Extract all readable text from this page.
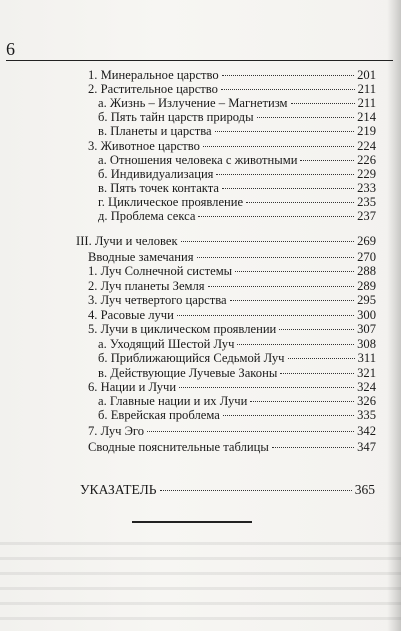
6
1. Минеральное царство	201
2. Растительное царство	211
а. Жизнь – Излучение – Магнетизм	211
б. Пять тайн царств природы	214
в. Планеты и царства	219
3. Животное царство	224
а. Отношения человека с животными	226
б. Индивидуализация	229
в. Пять точек контакта	233
г. Циклическое проявление	235
д. Проблема секса	237
III. Лучи и человек	269
Вводные замечания	270
1. Луч Солнечной системы	288
2. Луч планеты Земля	289
3. Луч четвертого царства	295
4. Расовые лучи	300
5. Лучи в циклическом проявлении	307
а. Уходящий Шестой Луч	308
б. Приближающийся Седьмой Луч	311
в. Действующие Лучевые Законы	321
6. Нации и Лучи	324
а. Главные нации и их Лучи	326
б. Еврейская проблема	335
7. Луч Эго	342
Сводные пояснительные таблицы	347
УКАЗАТЕЛЬ	365
